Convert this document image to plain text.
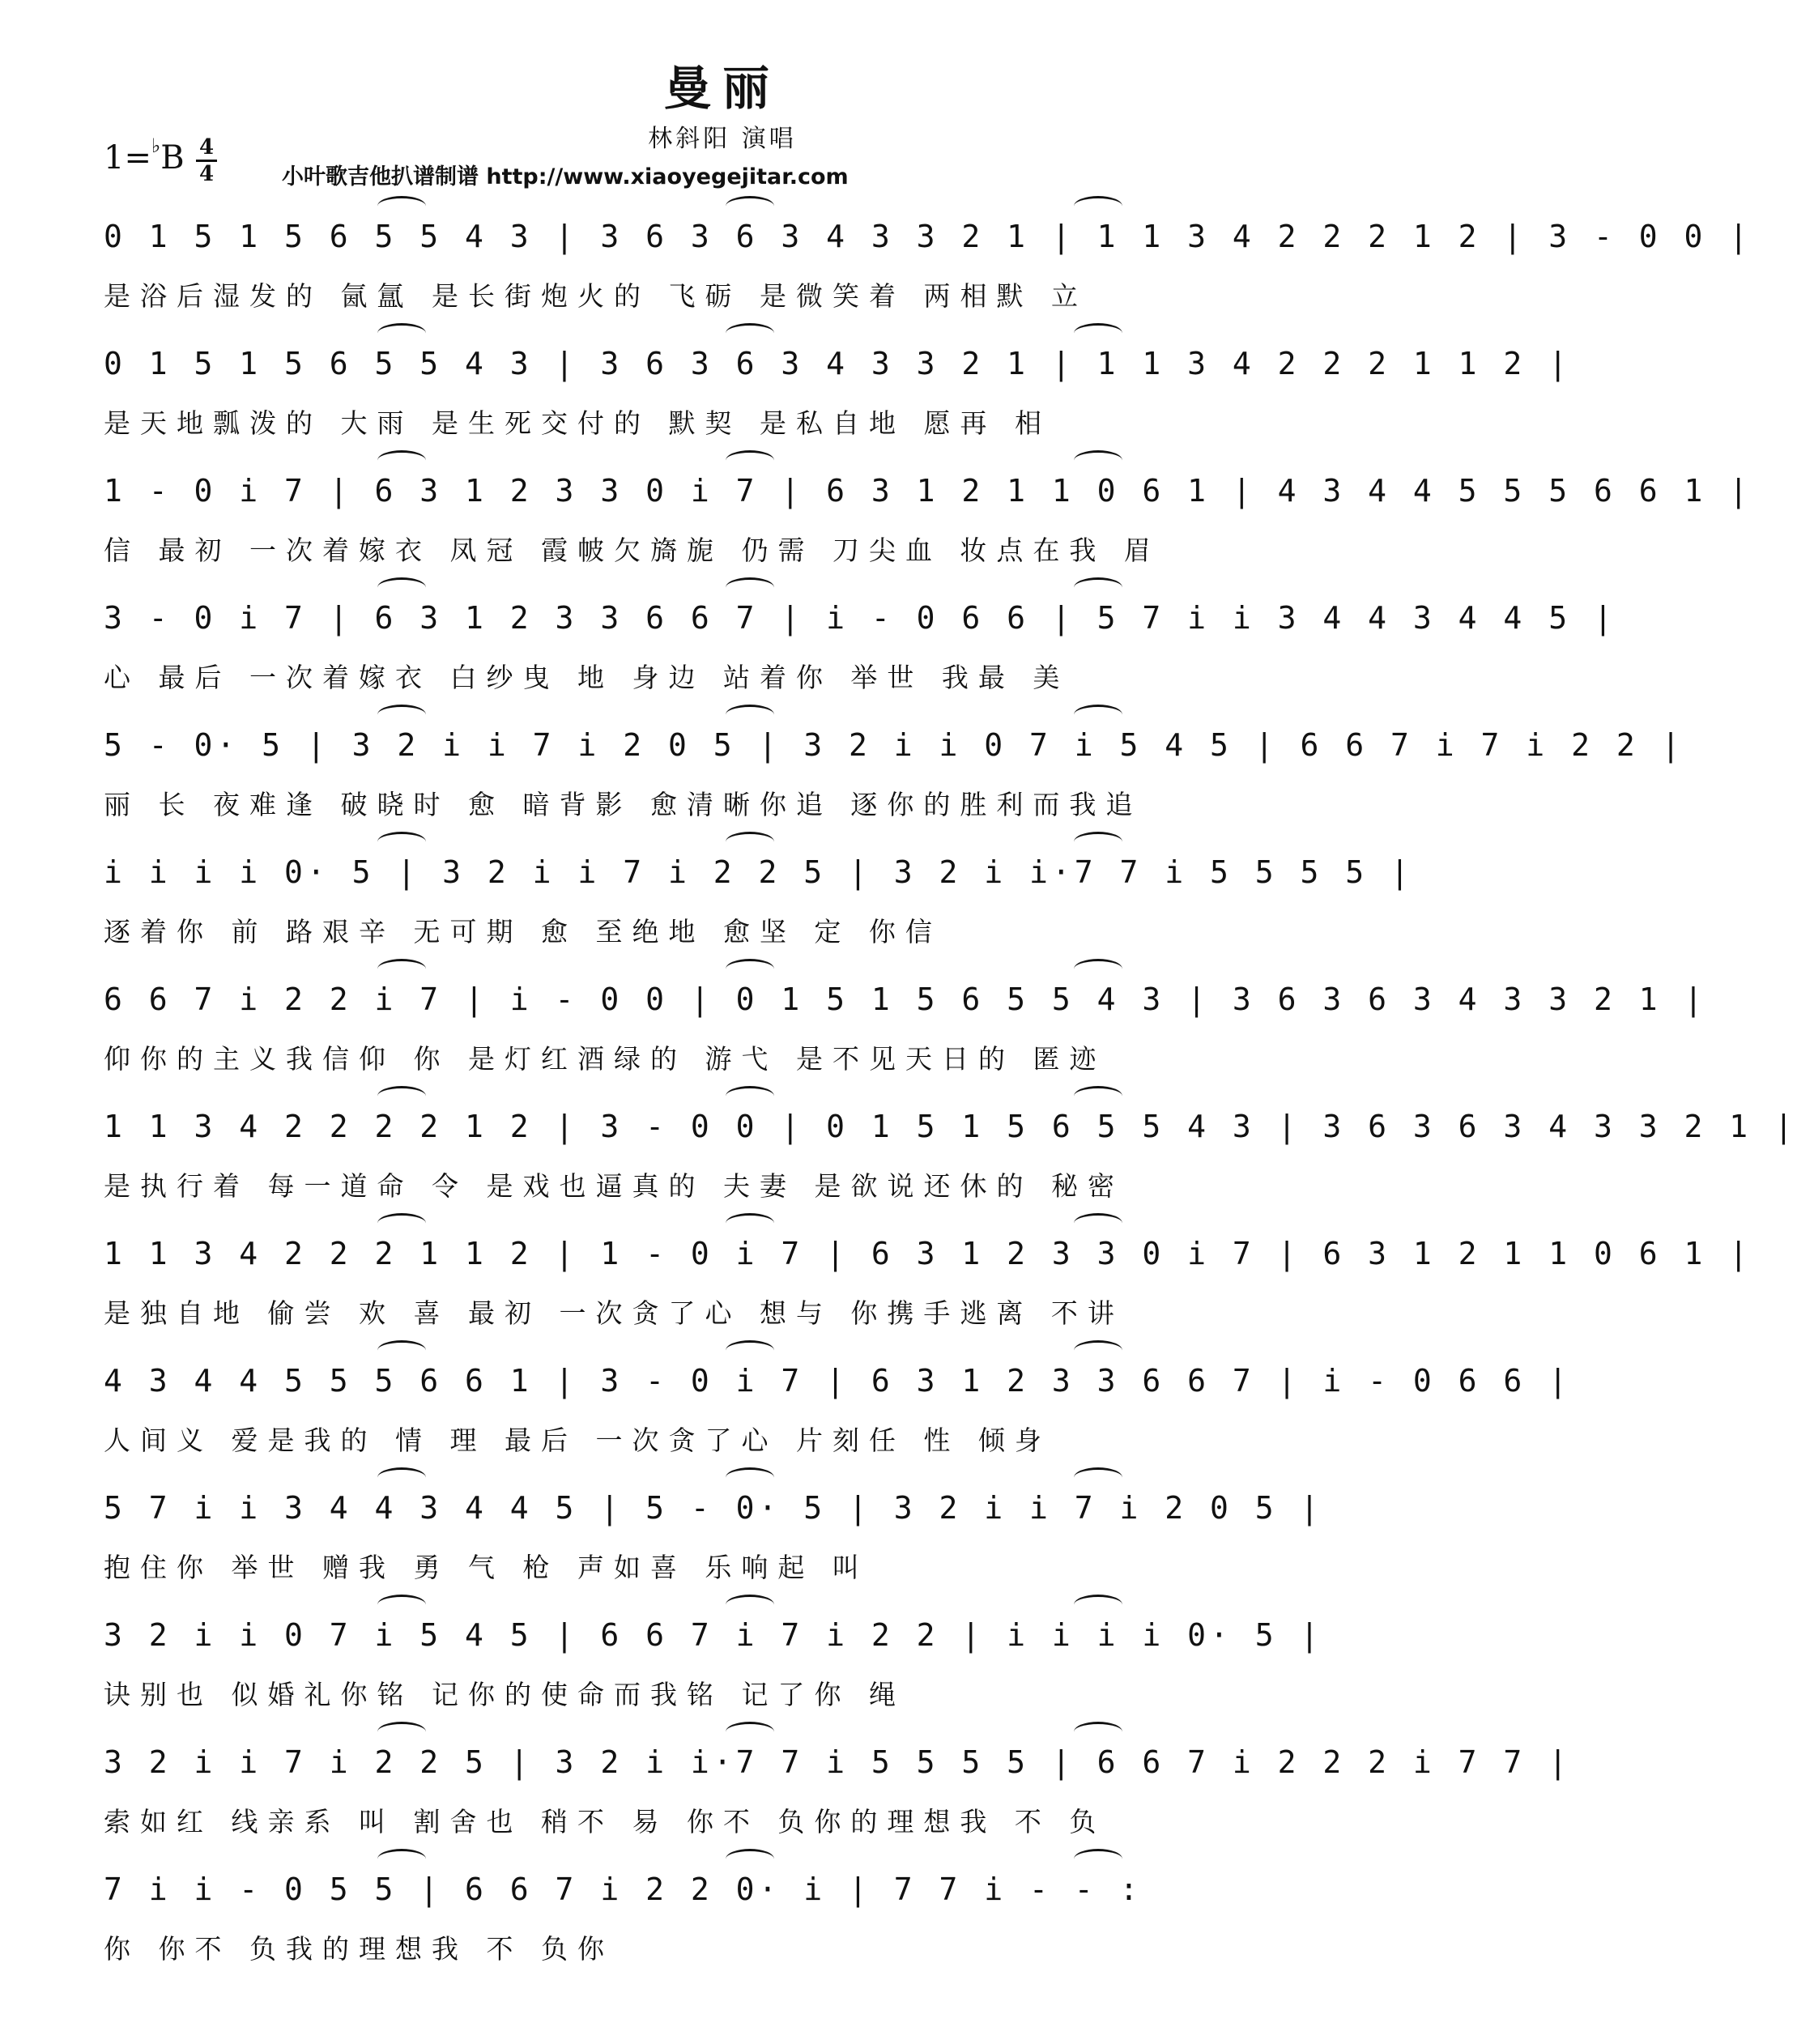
曼丽
林斜阳 演唱
1=♭B 4
4	小叶歌吉他扒谱制谱 http://www.xiaoyegejitar.com
0 1 5 1 5 6 5 5 4 3 | 3 6 3 6 3 4 3 3 2 1 | 1 1 3 4 2 2 2 1 2 | 3 - 0 0 |
是浴后湿发的 氤氲 是长街炮火的 飞砺 是微笑着 两相默 立
0 1 5 1 5 6 5 5 4 3 | 3 6 3 6 3 4 3 3 2 1 | 1 1 3 4 2 2 2 1 1 2 |
是天地瓢泼的 大雨 是生死交付的 默契 是私自地 愿再 相
1 - 0 i 7 | 6 3 1 2 3 3 0 i 7 | 6 3 1 2 1 1 0 6 1 | 4 3 4 4 5 5 5 6 6 1 |
信 最初 一次着嫁衣 凤冠 霞帔欠旖旎 仍需 刀尖血 妆点在我 眉
3 - 0 i 7 | 6 3 1 2 3 3 6 6 7 | i - 0 6 6 | 5 7 i i 3 4 4 3 4 4 5 |
心 最后 一次着嫁衣 白纱曳 地 身边 站着你 举世 我最 美
5 - 0· 5 | 3 2 i i 7 i 2 0 5 | 3 2 i i 0 7 i 5 4 5 | 6 6 7 i 7 i 2 2 |
丽 长 夜难逢 破晓时 愈 暗背影 愈清晰你追 逐你的胜利而我追
i i i i 0· 5 | 3 2 i i 7 i 2 2 5 | 3 2 i i·7 7 i 5 5 5 5 |
逐着你 前 路艰辛 无可期 愈 至绝地 愈坚 定 你信
6 6 7 i 2 2 i 7 | i - 0 0 | 0 1 5 1 5 6 5 5 4 3 | 3 6 3 6 3 4 3 3 2 1 |
仰你的主义我信仰 你 是灯红酒绿的 游弋 是不见天日的 匿迹
1 1 3 4 2 2 2 2 1 2 | 3 - 0 0 | 0 1 5 1 5 6 5 5 4 3 | 3 6 3 6 3 4 3 3 2 1 |
是执行着 每一道命 令 是戏也逼真的 夫妻 是欲说还休的 秘密
1 1 3 4 2 2 2 1 1 2 | 1 - 0 i 7 | 6 3 1 2 3 3 0 i 7 | 6 3 1 2 1 1 0 6 1 |
是独自地 偷尝 欢 喜 最初 一次贪了心 想与 你携手逃离 不讲
4 3 4 4 5 5 5 6 6 1 | 3 - 0 i 7 | 6 3 1 2 3 3 6 6 7 | i - 0 6 6 |
人间义 爱是我的 情 理 最后 一次贪了心 片刻任 性 倾身
5 7 i i 3 4 4 3 4 4 5 | 5 - 0· 5 | 3 2 i i 7 i 2 0 5 |
抱住你 举世 赠我 勇 气 枪 声如喜 乐响起 叫
3 2 i i 0 7 i 5 4 5 | 6 6 7 i 7 i 2 2 | i i i i 0· 5 |
诀别也 似婚礼你铭 记你的使命而我铭 记了你 绳
3 2 i i 7 i 2 2 5 | 3 2 i i·7 7 i 5 5 5 5 | 6 6 7 i 2 2 2 i 7 7 |
索如红 线亲系 叫 割舍也 稍不 易 你不 负你的理想我 不 负
7 i i - 0 5 5 | 6 6 7 i 2 2 0· i | 7 7 i - - :
你 你不 负我的理想我 不 负你
